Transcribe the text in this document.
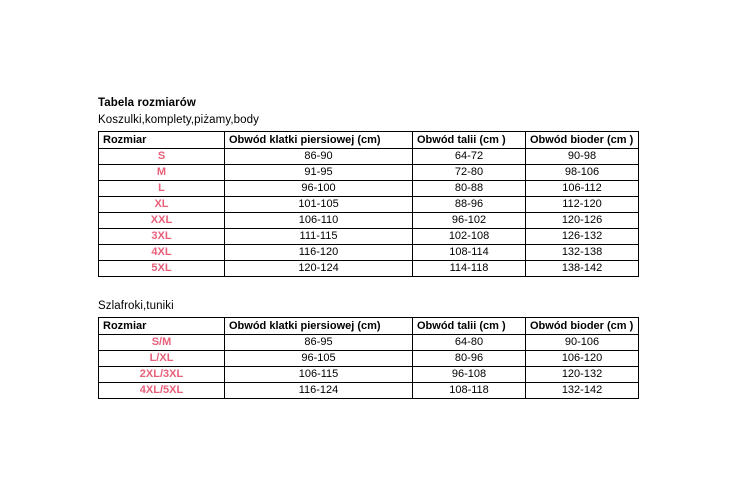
Tabela rozmiarów
Koszulki,komplety,piżamy,body
Rozmiar	Obwód klatki piersiowej (cm)	Obwód talii (cm )	Obwód bioder (cm )
S	86-90	64-72	90-98
M	91-95	72-80	98-106
L	96-100	80-88	106-112
XL	101-105	88-96	112-120
XXL	106-110	96-102	120-126
3XL	111-115	102-108	126-132
4XL	116-120	108-114	132-138
5XL	120-124	114-118	138-142
Szlafroki,tuniki
Rozmiar	Obwód klatki piersiowej (cm)	Obwód talii (cm )	Obwód bioder (cm )
S/M	86-95	64-80	90-106
L/XL	96-105	80-96	106-120
2XL/3XL	106-115	96-108	120-132
4XL/5XL	116-124	108-118	132-142
